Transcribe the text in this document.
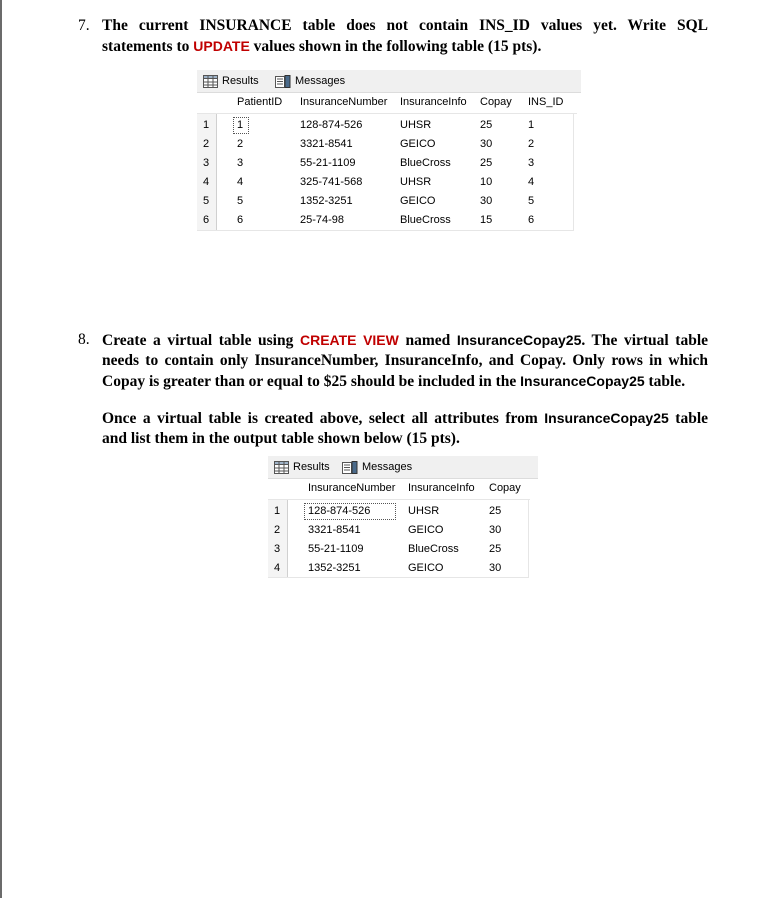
7. The current INSURANCE table does not contain INS_ID values yet. Write SQL
statements to UPDATE values shown in the following table (15 pts).
Results	Messages
PatientID InsuranceNumber InsuranceInfo Copay INS_ID
1	1	128-874-526	UHSR	25	1
2	2	3321-8541	GEICO	30	2
3	3	55-21-1109	BlueCross	25	3
4	4	325-741-568	UHSR	10	4
5	5	1352-3251	GEICO	30	5
6	6	25-74-98	BlueCross	15	6
8. Create a virtual table using CREATE VIEW named InsuranceCopay25. The virtual table
needs to contain only InsuranceNumber, InsuranceInfo, and Copay. Only rows in which
Copay is greater than or equal to $25 should be included in the InsuranceCopay25 table.
Once a virtual table is created above, select all attributes from InsuranceCopay25 table
and list them in the output table shown below (15 pts).
Results	Messages
InsuranceNumber InsuranceInfo Copay
1	128-874-526	UHSR	25
2	3321-8541	GEICO	30
3	55-21-1109	BlueCross	25
4	1352-3251	GEICO	30
